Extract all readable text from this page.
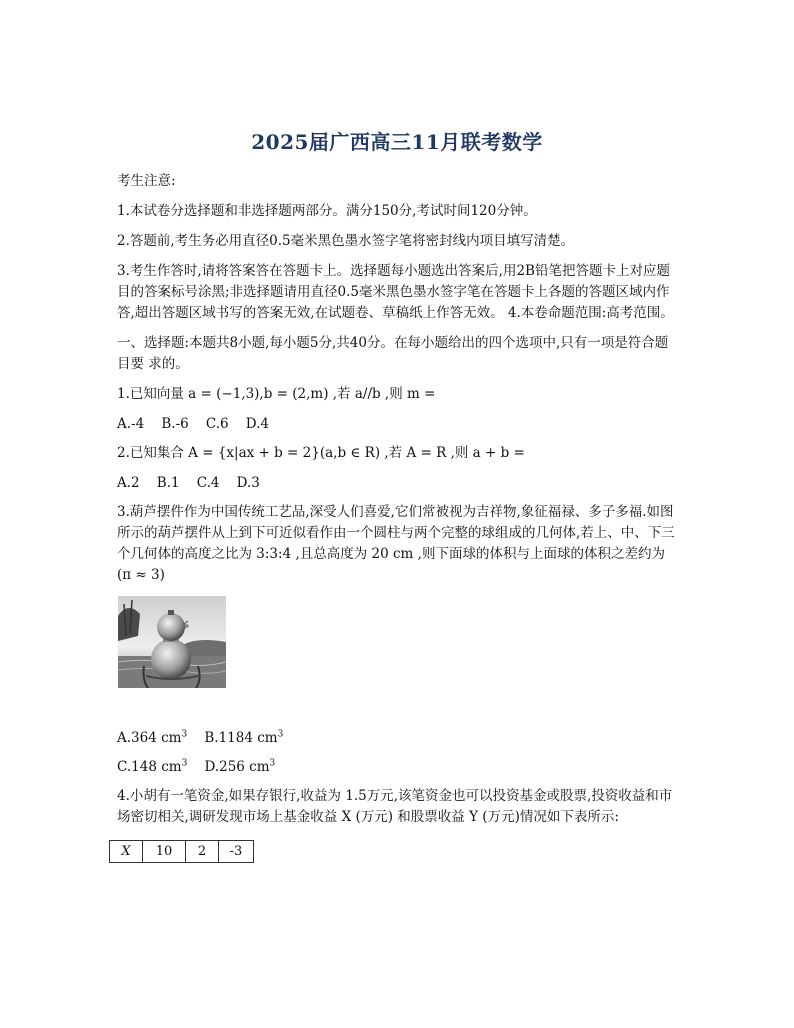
2025届广西高三11月联考数学

考生注意:

1.本试卷分选择题和非选择题两部分。满分150分,考试时间120分钟。

2.答题前,考生务必用直径0.5毫米黑色墨水签字笔将密封线内项目填写清楚。

3.考生作答时,请将答案答在答题卡上。选择题每小题选出答案后,用2B铅笔把答题卡上对应题目的答案标号涂黑;非选择题请用直径0.5毫米黑色墨水签字笔在答题卡上各题的答题区域内作答,超出答题区域书写的答案无效,在试题卷、草稿纸上作答无效。 4.本卷命题范围:高考范围。

一、选择题:本题共8小题,每小题5分,共40分。在每小题给出的四个选项中,只有一项是符合题目要 求的。

1.已知向量 a = (−1,3),b = (2,m) ,若 a//b ,则 m =

A.-4    B.-6    C.6    D.4

2.已知集合 A = {x|ax + b = 2}(a,b ∈ R) ,若 A = R ,则 a + b =

A.2    B.1    C.4    D.3

3.葫芦摆件作为中国传统工艺品,深受人们喜爱,它们常被视为吉祥物,象征福禄、多子多福.如图所示的葫芦摆件从上到下可近似看作由一个圆柱与两个完整的球组成的几何体,若上、中、下三个几何体的高度之比为 3:3:4 ,且总高度为 20 cm ,则下面球的体积与上面球的体积之差约为 (π ≈ 3)

A.364 $cm^3$ B.1184 $cm^3$

C.148 $cm^3$ D.256 $cm^3$

4.小胡有一笔资金,如果存银行,收益为 1.5万元,该笔资金也可以投资基金或股票,投资收益和市场密切相关,调研发现市场上基金收益 X (万元) 和股票收益 Y (万元)情况如下表所示:

X	10	2	-3
